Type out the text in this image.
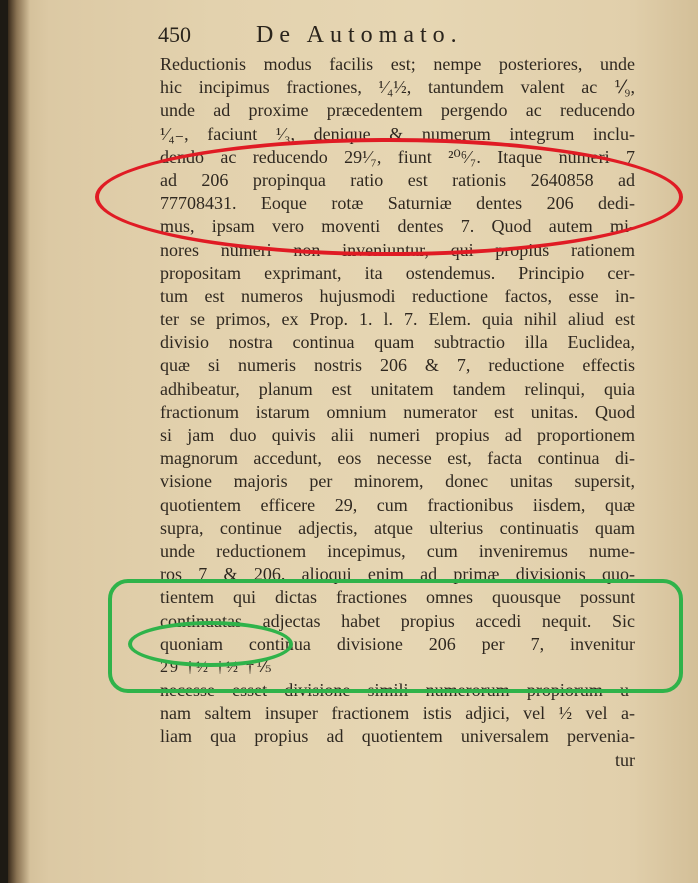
450	De Automato.
Reductionis modus facilis est; nempe posteriores, unde
hic incipimus fractiones, ¹⁄₄½, tantundem valent ac ⅟₉,
unde ad proxime præcedentem pergendo ac reducendo
¹⁄₄₋, faciunt ¹⁄₃, denique & numerum integrum inclu-
dendo ac reducendo 29¹⁄₇, fiunt ²⁰⁶⁄₇. Itaque numeri 7
ad 206 propinqua ratio est rationis 2640858 ad
77708431. Eoque rotæ Saturniæ dentes 206 dedi-
mus, ipsam vero moventi dentes 7. Quod autem mi-
nores numeri non inveniuntur, qui propius rationem
propositam exprimant, ita ostendemus. Principio cer-
tum est numeros hujusmodi reductione factos, esse in-
ter se primos, ex Prop. 1. l. 7. Elem. quia nihil aliud est
divisio nostra continua quam subtractio illa Euclidea,
quæ si numeris nostris 206 & 7, reductione effectis
adhibeatur, planum est unitatem tandem relinqui, quia
fractionum istarum omnium numerator est unitas. Quod
si jam duo quivis alii numeri propius ad proportionem
magnorum accedunt, eos necesse est, facta continua di-
visione majoris per minorem, donec unitas supersit,
quotientem efficere 29, cum fractionibus iisdem, quæ
supra, continue adjectis, atque ulterius continuatis quam
unde reductionem incepimus, cum inveniremus nume-
ros 7 & 206. alioqui enim ad primæ divisionis quo-
tientem qui dictas fractiones omnes quousque possunt
continuatas adjectas habet propius accedi nequit. Sic
quoniam continua divisione 206 per 7, invenitur
29 †½ †½ †⅕
necesse esset divisione simili numerorum propiorum u-
nam saltem insuper fractionem istis adjici, vel ½ vel a-
liam qua propius ad quotientem universalem pervenia-
tur
